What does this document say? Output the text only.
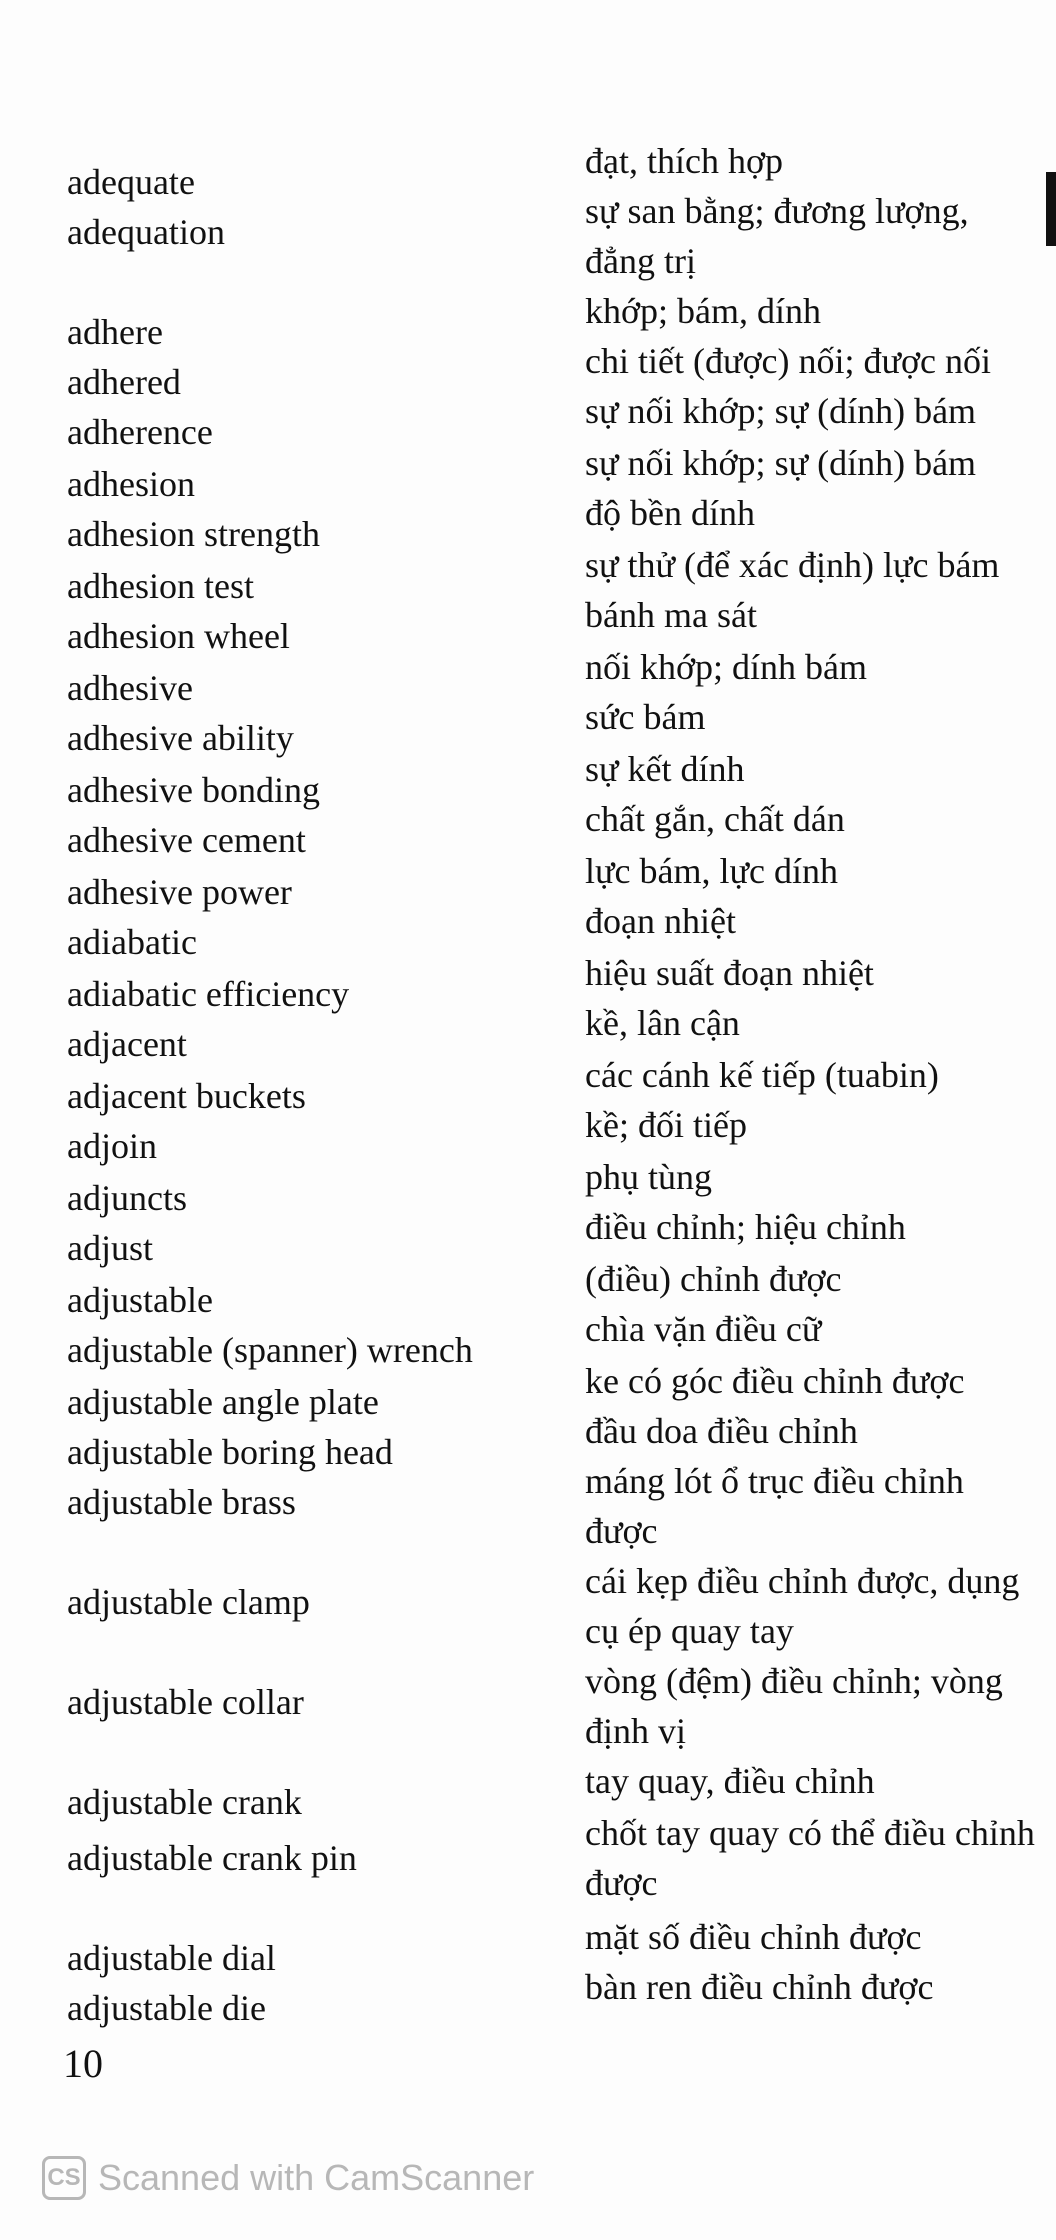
adequate
đạt, thích hợp
adequation
sự san bằng; đương lượng, đẳng trị
adhere
khớp; bám, dính
adhered
chi tiết (được) nối; được nối
adherence
sự nối khớp; sự (dính) bám
adhesion
sự nối khớp; sự (dính) bám
adhesion strength
độ bền dính
adhesion test
sự thử (để xác định) lực bám
adhesion wheel
bánh ma sát
adhesive
nối khớp; dính bám
adhesive ability
sức bám
adhesive bonding
sự kết dính
adhesive cement
chất gắn, chất dán
adhesive power
lực bám, lực dính
adiabatic
đoạn nhiệt
adiabatic efficiency
hiệu suất đoạn nhiệt
adjacent
kề, lân cận
adjacent buckets
các cánh kế tiếp (tuabin)
adjoin
kề; đối tiếp
adjuncts
phụ tùng
adjust
điều chỉnh; hiệu chỉnh
adjustable
(điều) chỉnh được
adjustable (spanner) wrench
chìa vặn điều cữ
adjustable angle plate
ke có góc điều chỉnh được
adjustable boring head
đầu doa điều chỉnh
adjustable brass
máng lót ổ trục điều chỉnh được
adjustable clamp
cái kẹp điều chỉnh được, dụng cụ ép quay tay
adjustable collar
vòng (đệm) điều chỉnh; vòng định vị
adjustable crank
tay quay, điều chỉnh
adjustable crank pin
chốt tay quay có thể điều chỉnh được
adjustable dial
mặt số điều chỉnh được
adjustable die
bàn ren điều chỉnh được
10
CS Scanned with CamScanner
